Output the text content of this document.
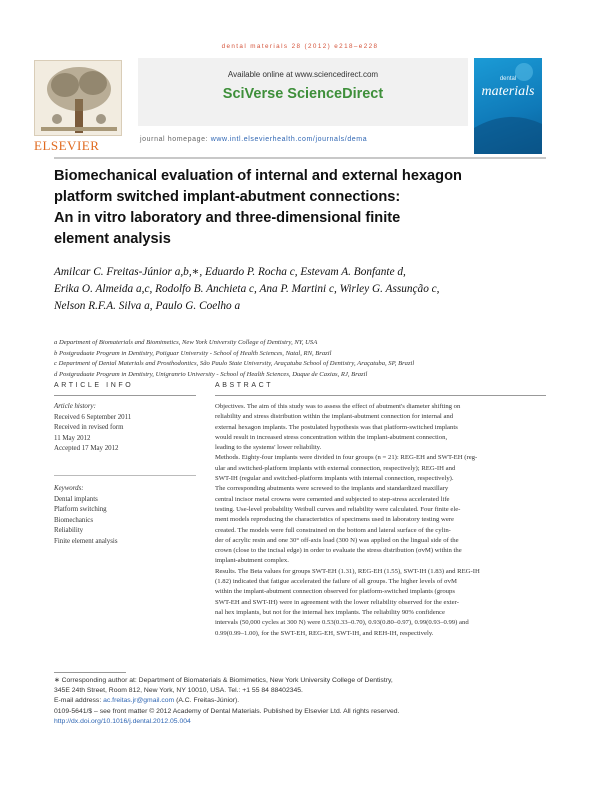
dental materials 28 (2012) e218–e228
ELSEVIER
Available online at www.sciencedirect.com
SciVerse ScienceDirect
journal homepage: www.intl.elsevierhealth.com/journals/dema
dental
materials
Biomechanical evaluation of internal and external hexagon
platform switched implant-abutment connections:
An in vitro laboratory and three-dimensional finite
element analysis
Amilcar C. Freitas-Júnior a,b,∗, Eduardo P. Rocha c, Estevam A. Bonfante d,
Erika O. Almeida a,c, Rodolfo B. Anchieta c, Ana P. Martini c, Wirley G. Assunção c,
Nelson R.F.A. Silva a, Paulo G. Coelho a
a Department of Biomaterials and Biomimetics, New York University College of Dentistry, NY, USA
b Postgraduate Program in Dentistry, Potiguar University - School of Health Sciences, Natal, RN, Brazil
c Department of Dental Materials and Prosthodontics, São Paulo State University, Araçatuba School of Dentistry, Araçatuba, SP, Brazil
d Postgraduate Program in Dentistry, Unigranrio University - School of Health Sciences, Duque de Caxias, RJ, Brazil
ARTICLE INFO	ABSTRACT
Article history:
Received 6 September 2011
Received in revised form
11 May 2012
Accepted 17 May 2012
Keywords:
Dental implants
Platform switching
Biomechanics
Reliability
Finite element analysis
Objectives. The aim of this study was to assess the effect of abutment's diameter shifting on
reliability and stress distribution within the implant-abutment connection for internal and
external hexagon implants. The postulated hypothesis was that platform-switched implants
would result in increased stress concentration within the implant-abutment connection,
leading to the systems' lower reliability.
Methods. Eighty-four implants were divided in four groups (n = 21): REG-EH and SWT-EH (reg-
ular and switched-platform implants with external connection, respectively); REG-IH and
SWT-IH (regular and switched-platform implants with internal connection, respectively).
The corresponding abutments were screwed to the implants and standardized maxillary
central incisor metal crowns were cemented and subjected to step-stress accelerated life
testing. Use-level probability Weibull curves and reliability were calculated. Four finite ele-
ment models reproducing the characteristics of specimens used in laboratory testing were
created. The models were full constrained on the bottom and lateral surface of the cylin-
der of acrylic resin and one 30° off-axis load (300 N) was applied on the lingual side of the
crown (close to the incisal edge) in order to evaluate the stress distribution (σvM) within the
implant-abutment complex.
Results. The Beta values for groups SWT-EH (1.31), REG-EH (1.55), SWT-IH (1.83) and REG-IH
(1.82) indicated that fatigue accelerated the failure of all groups. The higher levels of σvM
within the implant-abutment connection observed for platform-switched implants (groups
SWT-EH and SWT-IH) were in agreement with the lower reliability observed for the exter-
nal hex implants, but not for the internal hex implants. The reliability 90% confidence
intervals (50,000 cycles at 300 N) were 0.53(0.33–0.70), 0.93(0.80–0.97), 0.99(0.93–0.99) and
0.99(0.99–1.00), for the SWT-EH, REG-EH, SWT-IH, and REH-IH, respectively.
∗ Corresponding author at: Department of Biomaterials & Biomimetics, New York University College of Dentistry,
345E 24th Street, Room 812, New York, NY 10010, USA. Tel.: +1 55 84 88402345.
E-mail address: ac.freitas.jr@gmail.com (A.C. Freitas-Júnior).
0109-5641/$ – see front matter © 2012 Academy of Dental Materials. Published by Elsevier Ltd. All rights reserved.
http://dx.doi.org/10.1016/j.dental.2012.05.004
